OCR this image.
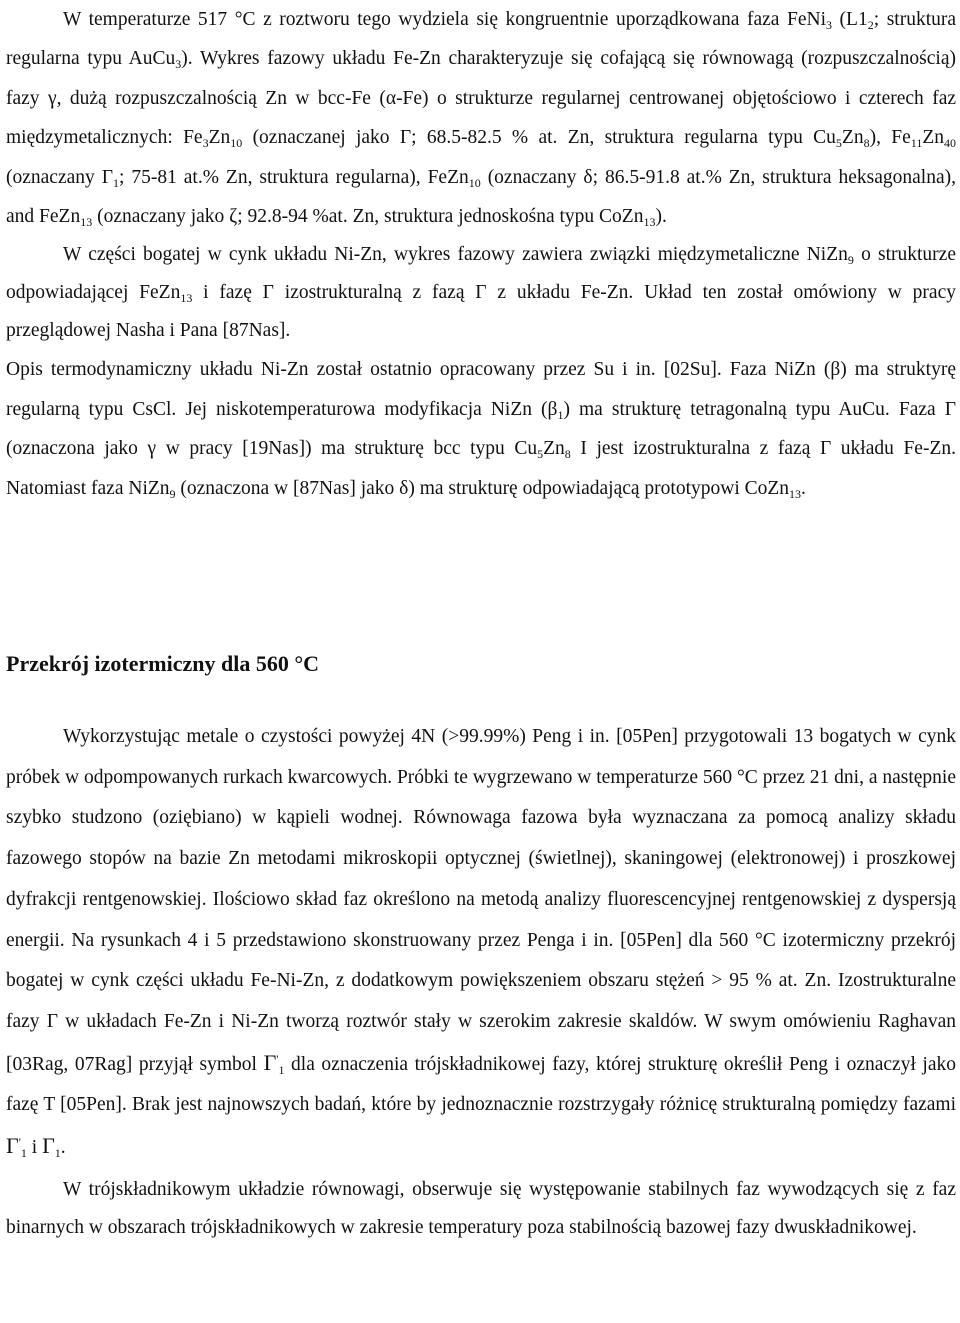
W temperaturze 517 °C z roztworu tego wydziela się kongruentnie uporządkowana faza FeNi$_3$ ($L1_2$; struktura regularna typu AuCu$_3$). Wykres fazowy układu Fe-Zn charakteryzuje się cofającą się równowagą (rozpuszczalnością) fazy γ, dużą rozpuszczalnością Zn w bcc-Fe (α-Fe) o strukturze regularnej centrowanej objętościowo i czterech faz międzymetalicznych: $Fe_3Zn_{10}$ (oznaczanej jako Γ; 68.5-82.5 % at. Zn, struktura regularna typu $Cu_5Zn_8$), $Fe_{11}Zn_{40}$ (oznaczany $\Gamma_1$; 75-81 at.% Zn, struktura regularna), FeZn$_{10}$ (oznaczany δ; 86.5-91.8 at.% Zn, struktura heksagonalna), and FeZn$_{13}$ (oznaczany jako ζ; 92.8-94 %at. Zn, struktura jednoskośna typu CoZn$_{13}$).

W części bogatej w cynk układu Ni-Zn, wykres fazowy zawiera związki międzymetaliczne NiZn$_9$ o strukturze odpowiadającej FeZn$_{13}$ i fazę Γ izostrukturalną z fazą Γ z układu Fe-Zn. Układ ten został omówiony w pracy przeglądowej Nasha i Pana [87Nas].

Opis termodynamiczny układu Ni-Zn został ostatnio opracowany przez Su i in. [02Su]. Faza NiZn (β) ma struktyrę regularną typu CsCl. Jej niskotemperaturowa modyfikacja NiZn $(\beta_1)$ ma strukturę tetragonalną typu AuCu. Faza Γ (oznaczona jako γ w pracy [19Nas]) ma strukturę bcc typu $Cu_5Zn_8$ I jest izostrukturalna z fazą Γ układu Fe-Zn. Natomiast faza NiZn$_9$ (oznaczona w [87Nas] jako δ) ma strukturę odpowiadającą prototypowi CoZn$_{13}$.

Przekrój izotermiczny dla 560 °C

Wykorzystując metale o czystości powyżej 4N (>99.99%) Peng i in. [05Pen] przygotowali 13 bogatych w cynk próbek w odpompowanych rurkach kwarcowych. Próbki te wygrzewano w temperaturze 560 °C przez 21 dni, a następnie szybko studzono (oziębiano) w kąpieli wodnej. Równowaga fazowa była wyznaczana za pomocą analizy składu fazowego stopów na bazie Zn metodami mikroskopii optycznej (świetlnej), skaningowej (elektronowej) i proszkowej dyfrakcji rentgenowskiej. Ilościowo skład faz określono na metodą analizy fluorescencyjnej rentgenowskiej z dyspersją energii. Na rysunkach 4 i 5 przedstawiono skonstruowany przez Penga i in. [05Pen] dla 560 °C izotermiczny przekrój bogatej w cynk części układu Fe-Ni-Zn, z dodatkowym powiększeniem obszaru stężeń > 95 % at. Zn. Izostrukturalne fazy Γ w układach Fe-Zn i Ni-Zn tworzą roztwór stały w szerokim zakresie skaldów. W swym omówieniu Raghavan [03Rag, 07Rag] przyjął symbol $\Gamma'_1$ dla oznaczenia trójskładnikowej fazy, której strukturę określił Peng i oznaczył jako fazę T [05Pen]. Brak jest najnowszych badań, które by jednoznacznie rozstrzygały różnicę strukturalną pomiędzy fazami $\Gamma'_1$ i $\Gamma_1$.

W trójskładnikowym układzie równowagi, obserwuje się występowanie stabilnych faz wywodzących się z faz binarnych w obszarach trójskładnikowych w zakresie temperatury poza stabilnością bazowej fazy dwuskładnikowej.
